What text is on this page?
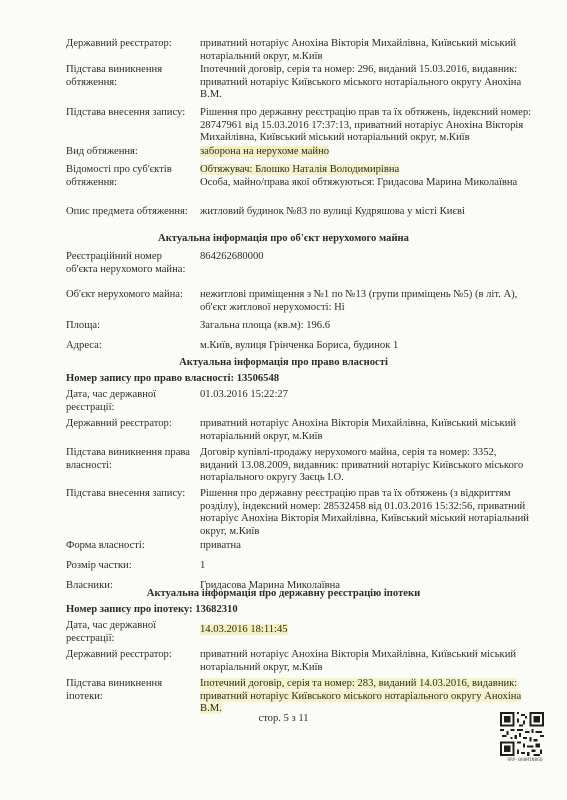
Державний реєстратор:	приватний нотаріус Анохіна Вікторія Михайлівна, Київський міський нотаріальний округ, м.Київ
Підстава виникнення обтяження:
Іпотечний договір, серія та номер: 296, виданий 15.03.2016, видавник: приватний нотаріус Київського міського нотаріального округу Анохіна В.М.
Підстава внесення запису:	Рішення про державну реєстрацію прав та їх обтяжень, індексний номер: 28747961 від 15.03.2016 17:37:13, приватний нотаріус Анохіна Вікторія Михайлівна, Київський міський нотаріальний округ, м.Київ
Вид обтяження:	заборона на нерухоме майно
Відомості про суб'єктів обтяження:
Обтяжувач: Блошко Наталія Володимирівна
Особа, майно/права якої обтяжуються: Гридасова Марина Миколаївна
Опис предмета обтяження:	житловий будинок №83 по вулиці Кудряшова у місті Києві
Актуальна інформація про об'єкт нерухомого майна
Реєстраційний номер об'єкта нерухомого майна:
864262680000
Об'єкт нерухомого майна:	нежитлові приміщення з №1 по №13 (групи приміщень №5) (в літ. А), об'єкт житлової нерухомості: Ні
Площа:	Загальна площа (кв.м): 196.6
Адреса:	м.Київ, вулиця Грінченка Бориса, будинок 1
Актуальна інформація про право власності
Номер запису про право власності: 13506548
Дата, час державної реєстрації:
01.03.2016 15:22:27
Державний реєстратор:	приватний нотаріус Анохіна Вікторія Михайлівна, Київський міський нотаріальний округ, м.Київ
Підстава виникнення права власності:
Договір купівлі-продажу нерухомого майна, серія та номер: 3352, виданий 13.08.2009, видавник: приватний нотаріус Київського міського нотаріального округу Заєць І.О.
Підстава внесення запису:	Рішення про державну реєстрацію прав та їх обтяжень (з відкриттям розділу), індексний номер: 28532458 від 01.03.2016 15:32:56, приватний нотаріус Анохіна Вікторія Михайлівна, Київський міський нотаріальний округ, м.Київ
Форма власності:	приватна
Розмір частки:	1
Власники:	Гридасова Марина Миколаївна
Актуальна інформація про державну реєстрацію іпотеки
Номер запису про іпотеку: 13682310
Дата, час державної реєстрації:
14.03.2016 18:11:45
Державний реєстратор:	приватний нотаріус Анохіна Вікторія Михайлівна, Київський міський нотаріальний округ, м.Київ
Підстава виникнення іпотеки:
Іпотечний договір, серія та номер: 283, виданий 14.03.2016, видавник: приватний нотаріус Київського міського нотаріального округу Анохіна В.М.
стор. 5 з 11
RRP-0H8M1N8GQ
